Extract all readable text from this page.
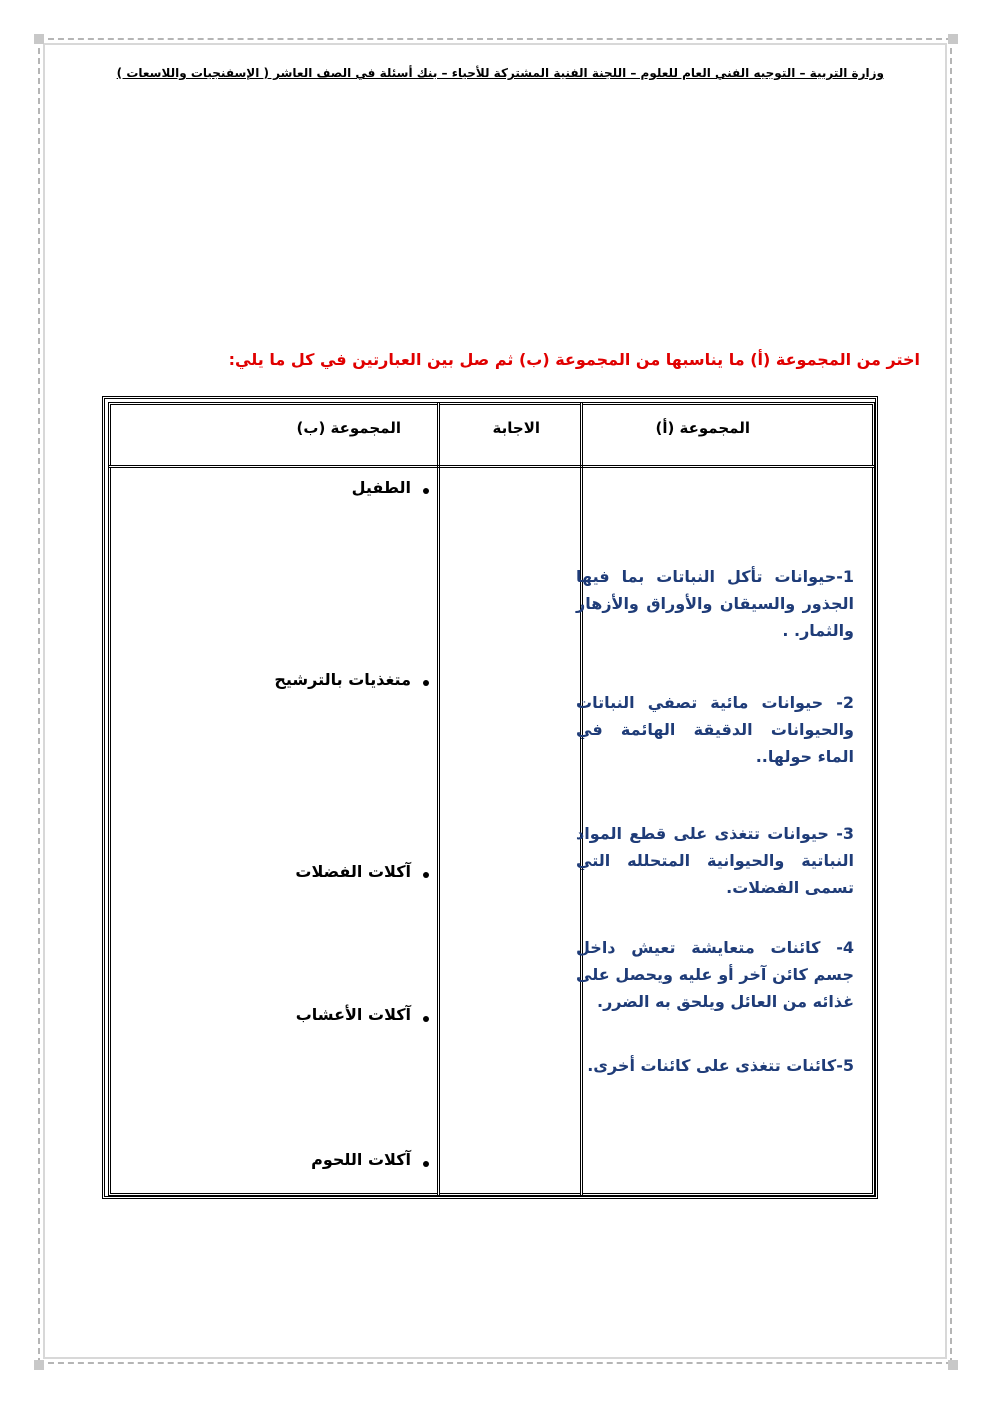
وزارة التربية – التوجيه الفني العام للعلوم – اللجنة الفنية المشتركة للأحياء – بنك أسئلة في الصف العاشر ( الإسفنجيات واللاسعات )
اختر من المجموعة (أ) ما يناسبها من المجموعة (ب) ثم صل بين العبارتين في كل ما يلي:
المجموعة (ب)	الاجابة	المجموعة (أ)
الطفيل
متغذيات بالترشيح
آكلات الفضلات
آكلات الأعشاب
آكلات اللحوم
1-حيوانات تأكل النباتات بما فيها الجذور والسيقان والأوراق والأزهار والثمار. .
2- حيوانات مائية تصفي النباتات والحيوانات الدقيقة الهائمة في الماء حولها..
3- حيوانات تتغذى على قطع المواد النباتية والحيوانية المتحلله التي تسمى الفضلات.
4- كائنات متعايشة تعيش داخل جسم كائن آخر أو عليه ويحصل على غذائه من العائل ويلحق به الضرر.
5-كائنات تتغذى على كائنات أخرى.
